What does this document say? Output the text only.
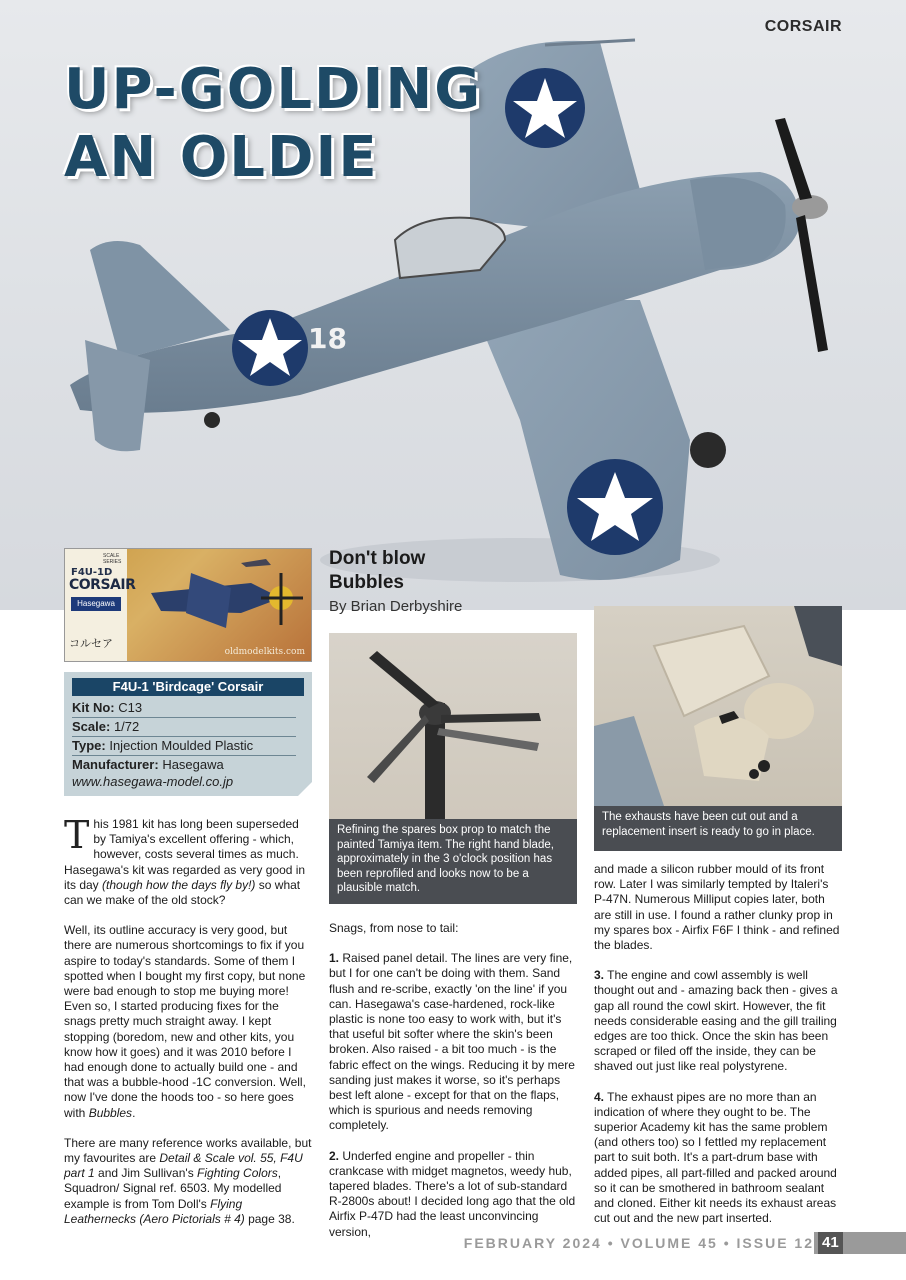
CORSAIR
UP-GOLDING
AN OLDIE
18
SCALE SERIES
F4U-1D
CORSAIR
Hasegawa
コルセア
oldmodelkits.com
F4U-1 'Birdcage' Corsair
Kit No: C13
Scale: 1/72
Type: Injection Moulded Plastic
Manufacturer: Hasegawa
www.hasegawa-model.co.jp
Don't blow
Bubbles
By Brian Derbyshire
Refining the spares box prop to match the painted Tamiya item. The right hand blade, approximately in the 3 o'clock position has been reprofiled and looks now to be a plausible match.
The exhausts have been cut out and a replacement insert is ready to go in place.

This 1981 kit has long been superseded by Tamiya's excellent offering - which, however, costs several times as much. Hasegawa's kit was regarded as very good in its day (though how the days fly by!) so what can we make of the old stock?

Well, its outline accuracy is very good, but there are numerous shortcomings to fix if you aspire to today's standards. Some of them I spotted when I bought my first copy, but none were bad enough to stop me buying more! Even so, I started producing fixes for the snags pretty much straight away. I kept stopping (boredom, new and other kits, you know how it goes) and it was 2010 before I had enough done to actually build one - and that was a bubble-hood -1C conversion. Well, now I've done the hoods too - so here goes with Bubbles.

There are many reference works available, but my favourites are Detail & Scale vol. 55, F4U part 1 and Jim Sullivan's Fighting Colors, Squadron/ Signal ref. 6503. My modelled example is from Tom Doll's Flying Leathernecks (Aero Pictorials # 4) page 38.

Snags, from nose to tail:

1. Raised panel detail. The lines are very fine, but I for one can't be doing with them. Sand flush and re-scribe, exactly 'on the line' if you can. Hasegawa's case-hardened, rock-like plastic is none too easy to work with, but it's that useful bit softer where the skin's been broken. Also raised - a bit too much - is the fabric effect on the wings. Reducing it by mere sanding just makes it worse, so it's perhaps best left alone - except for that on the flaps, which is spurious and needs removing completely.

2. Underfed engine and propeller - thin crankcase with midget magnetos, weedy hub, tapered blades. There's a lot of sub-standard R-2800s about! I decided long ago that the old Airfix P-47D had the least unconvincing version,

and made a silicon rubber mould of its front row. Later I was similarly tempted by Italeri's P-47N. Numerous Milliput copies later, both are still in use. I found a rather clunky prop in my spares box - Airfix F6F I think - and refined the blades.

3. The engine and cowl assembly is well thought out and - amazing back then - gives a gap all round the cowl skirt. However, the fit needs considerable easing and the gill trailing edges are too thick. Once the skin has been scraped or filed off the inside, they can be shaved out just like real polystyrene.

4. The exhaust pipes are no more than an indication of where they ought to be. The superior Academy kit has the same problem (and others too) so I fettled my replacement part to suit both. It's a part-drum base with added pipes, all part-filled and packed around so it can be smothered in bathroom sealant and cloned. Either kit needs its exhaust areas cut out and the new part inserted.

FEBRUARY 2024 • VOLUME 45 • ISSUE 12 41
